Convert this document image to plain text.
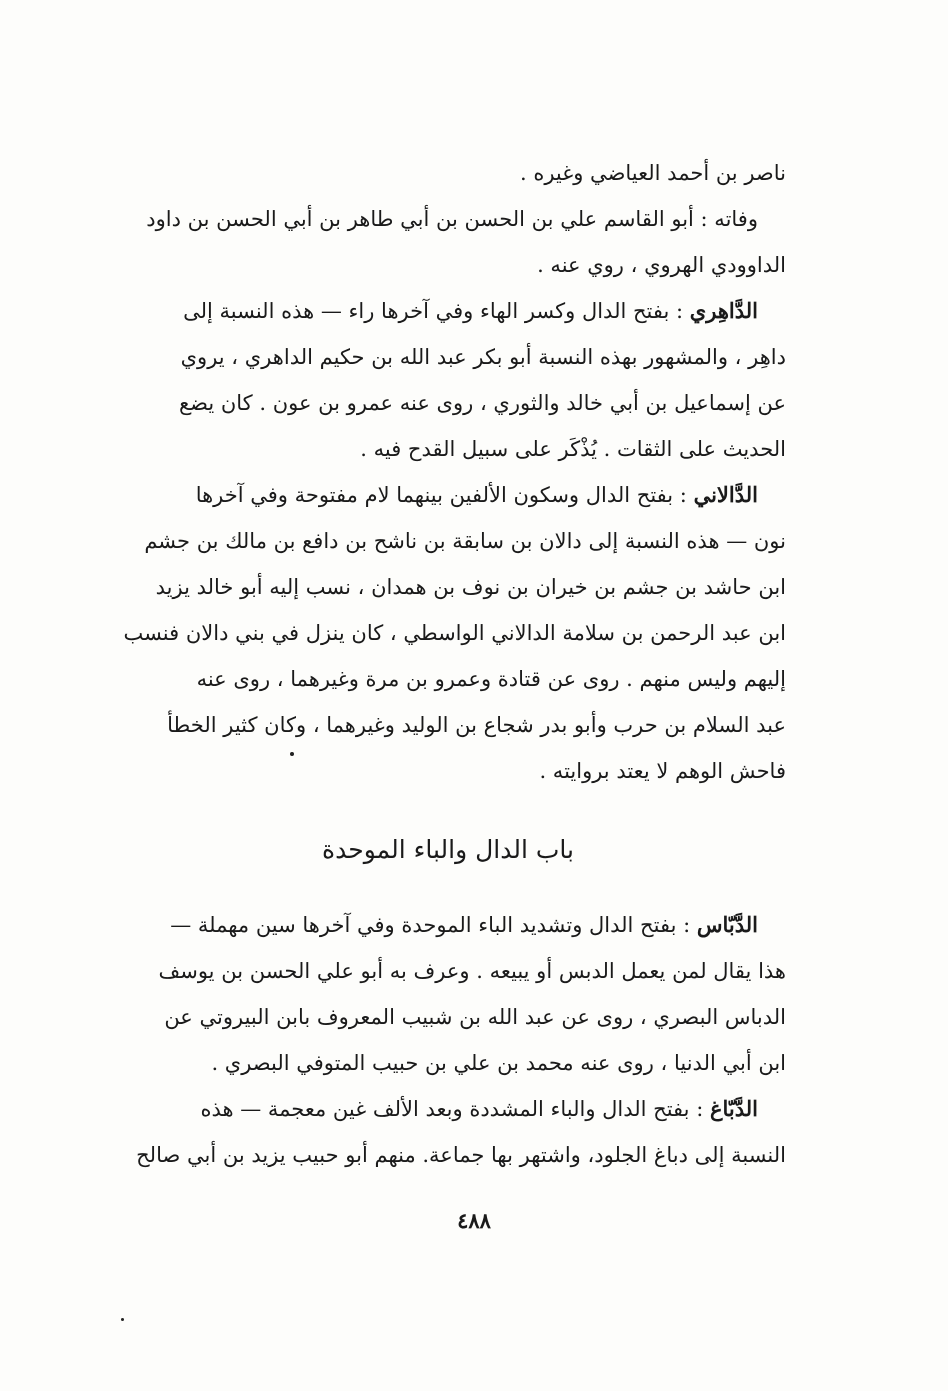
ناصر بن أحمد العياضي وغيره .
وفاته : أبو القاسم علي بن الحسن بن أبي طاهر بن أبي الحسن بن داود
الداوودي الهروي ، روي عنه .
الدَّاهِري : بفتح الدال وكسر الهاء وفي آخرها راء — هذه النسبة إلى
داهِر ، والمشهور بهذه النسبة أبو بكر عبد الله بن حكيم الداهري ، يروي
عن إسماعيل بن أبي خالد والثوري ، روى عنه عمرو بن عون . كان يضع
الحديث على الثقات . يُذْكَر على سبيل القدح فيه .
الدَّالاني : بفتح الدال وسكون الألفين بينهما لام مفتوحة وفي آخرها
نون — هذه النسبة إلى دالان بن سابقة بن ناشح بن دافع بن مالك بن جشم
ابن حاشد بن جشم بن خيران بن نوف بن همدان ، نسب إليه أبو خالد يزيد
ابن عبد الرحمن بن سلامة الدالاني الواسطي ، كان ينزل في بني دالان فنسب
إليهم وليس منهم . روى عن قتادة وعمرو بن مرة وغيرهما ، روى عنه
عبد السلام بن حرب وأبو بدر شجاع بن الوليد وغيرهما ، وكان كثير الخطأ
فاحش الوهم لا يعتد بروايته .
باب الدال والباء الموحدة
الدَّبّاس : بفتح الدال وتشديد الباء الموحدة وفي آخرها سين مهملة —
هذا يقال لمن يعمل الدبس أو يبيعه . وعرف به أبو علي الحسن بن يوسف
الدباس البصري ، روى عن عبد الله بن شبيب المعروف بابن البيروتي عن
ابن أبي الدنيا ، روى عنه محمد بن علي بن حبيب المتوفي البصري .
الدَّبّاغ : بفتح الدال والباء المشددة وبعد الألف غين معجمة — هذه
النسبة إلى دباغ الجلود، واشتهر بها جماعة. منهم أبو حبيب يزيد بن أبي صالح
٤٨٨
